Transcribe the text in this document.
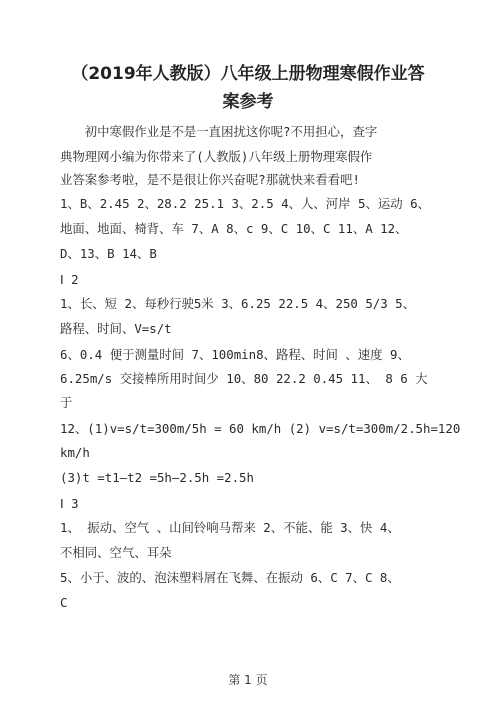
（2019年人教版）八年级上册物理寒假作业答
案参考
　　初中寒假作业是不是一直困扰这你呢?不用担心，查字
典物理网小编为你带来了(人教版)八年级上册物理寒假作
业答案参考啦，是不是很让你兴奋呢?那就快来看看吧!
1、B、2.45 2、28.2 25.1 3、2.5 4、人、河岸 5、运动 6、
地面、地面、椅背、车 7、A 8、c 9、C 10、C 11、A 12、
D、13、B 14、B
Ⅰ 2
1、长、短 2、每秒行驶5米 3、6.25 22.5 4、250 5/3 5、
路程、时间、V=s/t
6、0.4 便于测量时间 7、100min8、路程、时间 、速度 9、
6.25m/s 交接棒所用时间少 10、80 22.2 0.45 11、 8 6 大
于
12、(1)v=s/t=300m/5h = 60 km/h (2) v=s/t=300m/2.5h=120
km/h
(3)t =t1—t2 =5h—2.5h =2.5h
Ⅰ 3
1、 振动、空气 、山间铃响马帮来 2、不能、能 3、快 4、
不相同、空气、耳朵
5、小于、波的、泡沫塑料屑在飞舞、在振动 6、C 7、C 8、
C
第 1 页
